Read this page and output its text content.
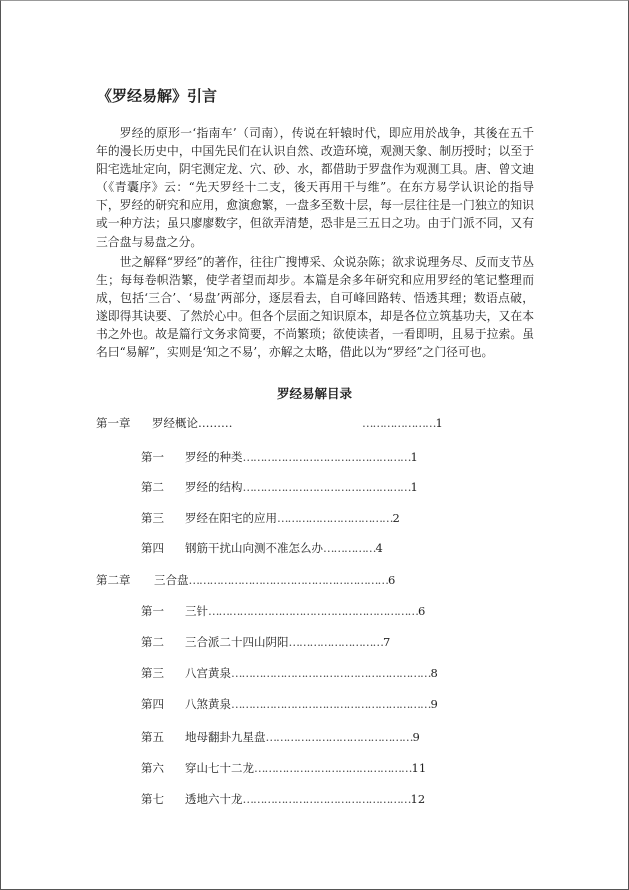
《罗经易解》引言

罗经的原形一‘指南车’（司南），传说在轩辕时代，即应用於战争，其後在五千年的漫长历史中，中国先民们在认识自然、改造环境，观测天象、制历授时；以至于阳宅选址定向，阴宅测定龙、穴、砂、水，都借助于罗盘作为观测工具。唐、曾文迪（《青囊序》云：“先天罗经十二支，後天再用干与维”。在东方易学认识论的指导下，罗经的研究和应用，愈演愈繁，一盘多至数十层，每一层往往是一门独立的知识或一种方法；虽只廖廖数字，但欲弄清楚，恐非是三五日之功。由于门派不同，又有三合盘与易盘之分。

世之解释“罗经”的著作，往往广搜博采、众说杂陈；欲求说理务尽、反而支节丛生；每每卷帜浩繁，使学者望而却步。本篇是余多年研究和应用罗经的笔记整理而成，包括‘三合’、‘易盘’两部分，逐层看去，自可峰回路转、悟透其理；数语点破，遂即得其诀要、了然於心中。但各个层面之知识原本，却是各位立筑基功夫，又在本书之外也。故是篇行文务求简要，不尚繁琐；欲使读者，一看即明，且易于拉索。虽名曰“易解”，实则是‘知之不易’，亦解之太略，借此以为“罗经”之门径可也。

罗经易解目录
第一章	罗经概论………	………………… 1
第一	罗经的种类 ………………………………………… 1
第二	罗经的结构 ………………………………………… 1
第三	罗经在阳宅的应用 …………………………… 2
第四	钢筋干扰山向测不准怎么办 …………… 4
第二章	三合盘 ………………………………………………… 6
第一	三针 …………………………………………………… 6
第二	三合派二十四山阴阳 ……………………… 7
第三	八宫黄泉 ………………………………………………… 8
第四	八煞黄泉 ………………………………………………… 9
第五	地母翻卦九星盘 …………………………………… 9
第六	穿山七十二龙 ……………………………………… 11
第七	透地六十龙 ………………………………………… 12
